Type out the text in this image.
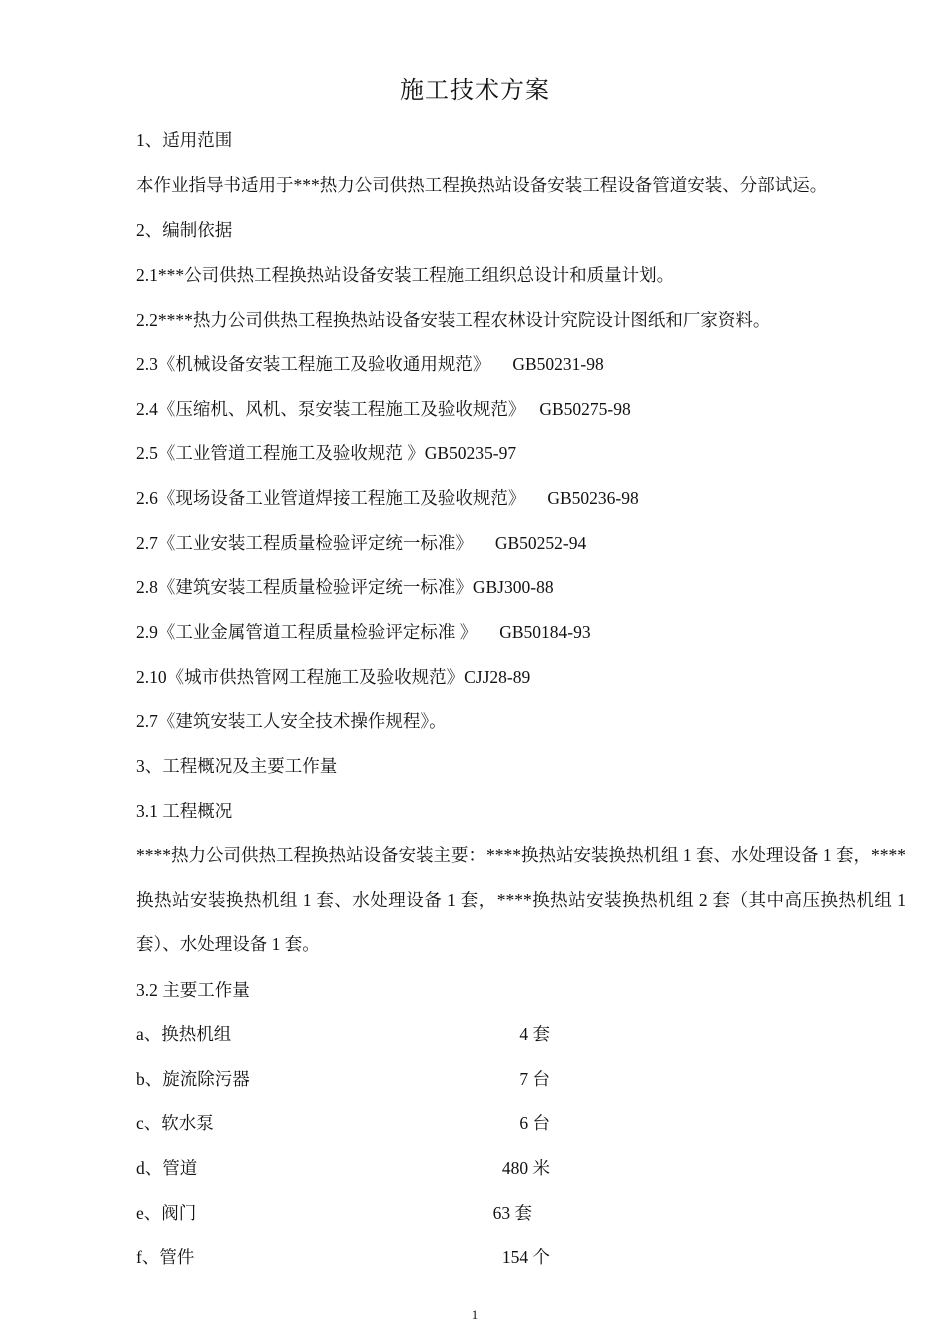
施工技术方案
1、适用范围
本作业指导书适用于***热力公司供热工程换热站设备安装工程设备管道安装、分部试运。
2、编制依据
2.1***公司供热工程换热站设备安装工程施工组织总设计和质量计划。
2.2****热力公司供热工程换热站设备安装工程农林设计究院设计图纸和厂家资料。
2.3《机械设备安装工程施工及验收通用规范》 GB50231-98
2.4《压缩机、风机、泵安装工程施工及验收规范》 GB50275-98
2.5《工业管道工程施工及验收规范 》GB50235-97
2.6《现场设备工业管道焊接工程施工及验收规范》 GB50236-98
2.7《工业安装工程质量检验评定统一标准》 GB50252-94
2.8《建筑安装工程质量检验评定统一标准》GBJ300-88
2.9《工业金属管道工程质量检验评定标准 》 GB50184-93
2.10《城市供热管网工程施工及验收规范》CJJ28-89
2.7《建筑安装工人安全技术操作规程》。
3、工程概况及主要工作量
3.1 工程概况
****热力公司供热工程换热站设备安装主要：****换热站安装换热机组 1 套、水处理设备 1 套，****换热站安装换热机组 1 套、水处理设备 1 套，****换热站安装换热机组 2 套（其中高压换热机组 1 套）、水处理设备 1 套。
3.2 主要工作量
a、换热机组	4 套
b、旋流除污器	7 台
c、软水泵	6 台
d、管道	480 米
e、阀门	63 套
f、管件	154 个
1
